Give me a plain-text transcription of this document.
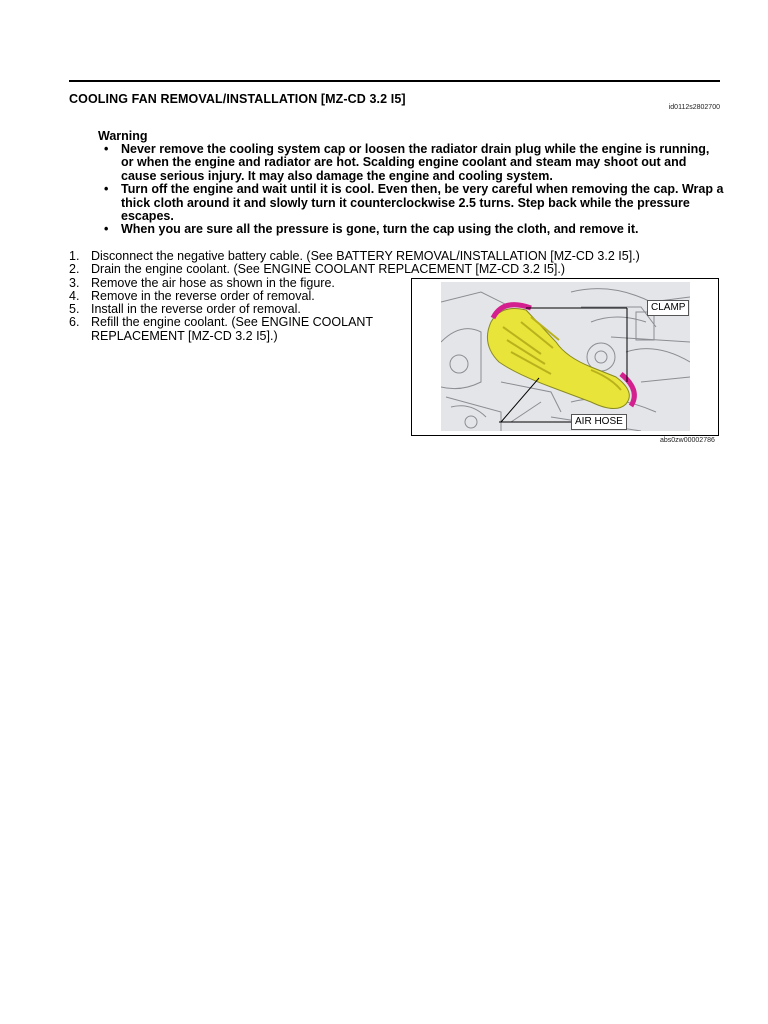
COOLING FAN REMOVAL/INSTALLATION [MZ-CD 3.2 I5]
id0112s2802700
Warning
• Never remove the cooling system cap or loosen the radiator drain plug while the engine is running, or when the engine and radiator are hot. Scalding engine coolant and steam may shoot out and cause serious injury. It may also damage the engine and cooling system.
• Turn off the engine and wait until it is cool. Even then, be very careful when removing the cap. Wrap a thick cloth around it and slowly turn it counterclockwise 2.5 turns. Step back while the pressure escapes.
• When you are sure all the pressure is gone, turn the cap using the cloth, and remove it.
1. Disconnect the negative battery cable. (See BATTERY REMOVAL/INSTALLATION [MZ-CD 3.2 I5].)
2. Drain the engine coolant. (See ENGINE COOLANT REPLACEMENT [MZ-CD 3.2 I5].)
3. Remove the air hose as shown in the figure.
4. Remove in the reverse order of removal.
5. Install in the reverse order of removal.
6. Refill the engine coolant. (See ENGINE COOLANT REPLACEMENT [MZ-CD 3.2 I5].)
CLAMP
AIR HOSE
abs0zw00002786
